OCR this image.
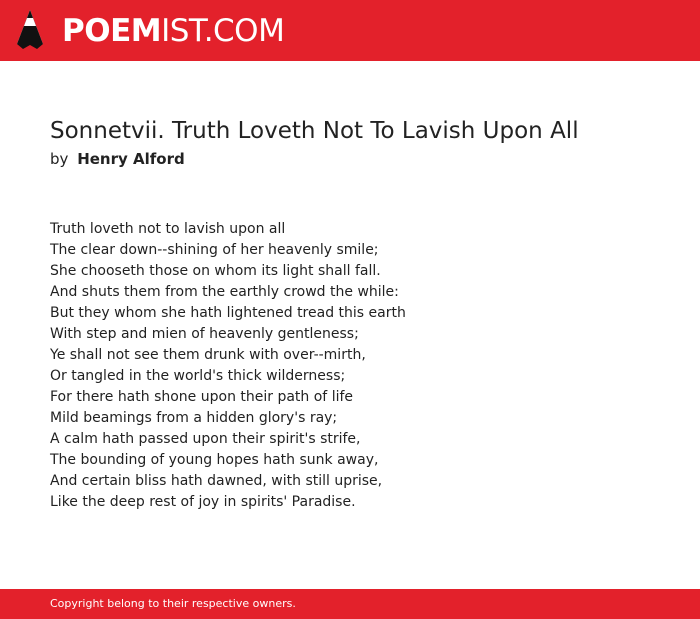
POEMIST.COM
Sonnetvii. Truth Loveth Not To Lavish Upon All
by Henry Alford
Truth loveth not to lavish upon all
The clear down--shining of her heavenly smile;
She chooseth those on whom its light shall fall.
And shuts them from the earthly crowd the while:
But they whom she hath lightened tread this earth
With step and mien of heavenly gentleness;
Ye shall not see them drunk with over--mirth,
Or tangled in the world's thick wilderness;
For there hath shone upon their path of life
Mild beamings from a hidden glory's ray;
A calm hath passed upon their spirit's strife,
The bounding of young hopes hath sunk away,
And certain bliss hath dawned, with still uprise,
Like the deep rest of joy in spirits' Paradise.
Copyright belong to their respective owners.
